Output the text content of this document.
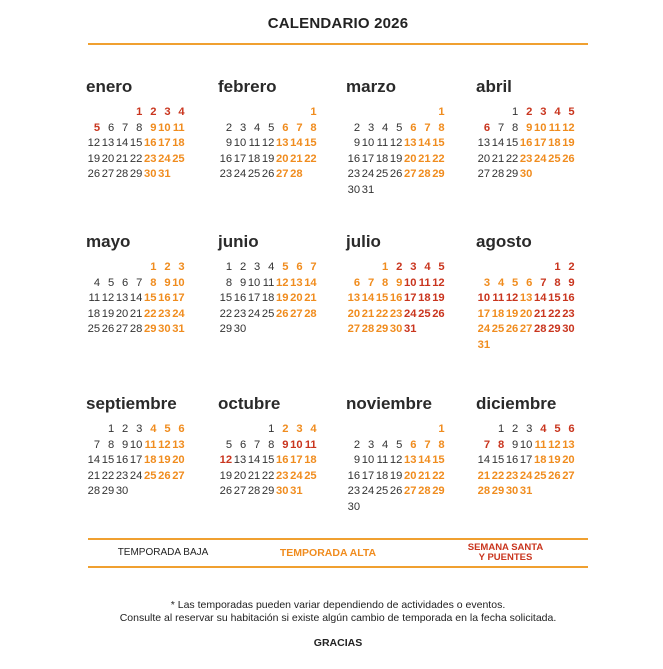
CALENDARIO 2026
enero
1 2 3 4
5 6 7 8 9 10 11
12 13 14 15 16 17 18
19 20 21 22 23 24 25
26 27 28 29 30 31
febrero
1
2 3 4 5 6 7 8
9 10 11 12 13 14 15
16 17 18 19 20 21 22
23 24 25 26 27 28
marzo
1
2 3 4 5 6 7 8
9 10 11 12 13 14 15
16 17 18 19 20 21 22
23 24 25 26 27 28 29
30 31
abril
1 2 3 4 5
6 7 8 9 10 11 12
13 14 15 16 17 18 19
20 21 22 23 24 25 26
27 28 29 30
mayo
1 2 3
4 5 6 7 8 9 10
11 12 13 14 15 16 17
18 19 20 21 22 23 24
25 26 27 28 29 30 31
junio
1 2 3 4 5 6 7
8 9 10 11 12 13 14
15 16 17 18 19 20 21
22 23 24 25 26 27 28
29 30
julio
1 2 3 4 5
6 7 8 9 10 11 12
13 14 15 16 17 18 19
20 21 22 23 24 25 26
27 28 29 30 31
agosto
1 2
3 4 5 6 7 8 9
10 11 12 13 14 15 16
17 18 19 20 21 22 23
24 25 26 27 28 29 30
31
septiembre
1 2 3 4 5 6
7 8 9 10 11 12 13
14 15 16 17 18 19 20
21 22 23 24 25 26 27
28 29 30
octubre
1 2 3 4
5 6 7 8 9 10 11
12 13 14 15 16 17 18
19 20 21 22 23 24 25
26 27 28 29 30 31
noviembre
1
2 3 4 5 6 7 8
9 10 11 12 13 14 15
16 17 18 19 20 21 22
23 24 25 26 27 28 29
30
diciembre
1 2 3 4 5 6
7 8 9 10 11 12 13
14 15 16 17 18 19 20
21 22 23 24 25 26 27
28 29 30 31
TEMPORADA BAJA	TEMPORADA ALTA	SEMANA SANTA
Y PUENTES
* Las temporadas pueden variar dependiendo de actividades o eventos.
Consulte al reservar su habitación si existe algún cambio de temporada en la fecha solicitada.
GRACIAS
